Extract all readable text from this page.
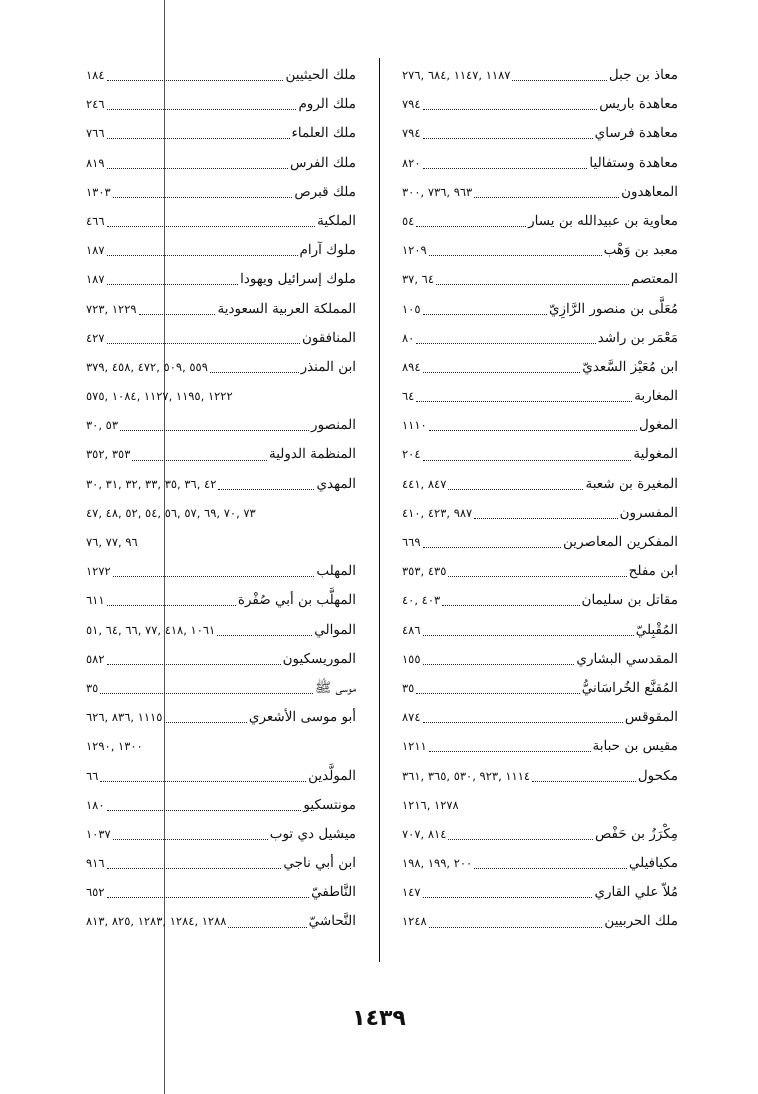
معاذ بن جبل
١١٨٧ ,١١٤٧ ,٦٨٤ ,٢٧٦
معاهدة باريس
٧٩٤
معاهدة فرساي
٧٩٤
معاهدة وستفاليا
٨٢٠
المعاهدون
٩٦٣ ,٧٣٦ ,٣٠٠
معاوية بن عبيدالله بن يسار
٥٤
معبد بن وَهْب
١٢٠٩
المعتصم
٦٤ ,٣٧
مُعَلَّى بن منصور الرَّازِيّ
١٠٥
مَعْمَر بن راشد
٨٠
ابن مُعَيْز السَّعديّ
٨٩٤
المغاربة
٦٤
المغول
١١١٠
المغولية
٢٠٤
المغيرة بن شعبة
٨٤٧ ,٤٤١
المفسرون
٩٨٧ ,٤٢٣ ,٤١٠
المفكرين المعاصرين
٦٦٩
ابن مفلح
٤٣٥ ,٣٥٣
مقاتل بن سليمان
٤٠٣ ,٤٠
المُقْبِليّ
٤٨٦
المقدسي البشاري
١٥٥
المُقنَّع الخُراسَانيُّ
٣٥
المقوقس
٨٧٤
مقيس بن حبابة
١٢١١
مكحول
١١١٤ ,٩٢٣ ,٥٣٠ ,٣٦٥ ,٣٦١
١٢٧٨ ,١٢١٦
مِكْرَزُ بن حَفْص
٨١٤ ,٧٠٧
مكيافيلي
٢٠٠ ,١٩٩ ,١٩٨
مُلاّ علي القاري
١٤٧
ملك الحربيين
١٢٤٨
ملك الحيثيين
١٨٤
ملك الروم
٢٤٦
ملك العلماء
٧٦٦
ملك الفرس
٨١٩
ملك قبرص
١٣٠٣
الملكية
٤٦٦
ملوك آرام
١٨٧
ملوك إسرائيل ويهودا
١٨٧
المملكة العربية السعودية
١٢٢٩ ,٧٢٣
المنافقون
٤٢٧
ابن المنذر
٥٥٩ ,٥٠٩ ,٤٧٢ ,٤٥٨ ,٣٧٩
١٢٢٢ ,١١٩٥ ,١١٢٧ ,١٠٨٤ ,٥٧٥
المنصور
٥٣ ,٣٠
المنظمة الدولية
٣٥٣ ,٣٥٢
المهدي
٤٢ ,٣٦ ,٣٥ ,٣٣ ,٣٢ ,٣١ ,٣٠
٧٣ ,٧٠ ,٦٩ ,٥٧ ,٥٦ ,٥٤ ,٥٢ ,٤٨ ,٤٧
٩٦ ,٧٧ ,٧٦
المهلب
١٢٧٢
المهلَّب بن أبي صُفْرة
٦١١
الموالي
١٠٦١ ,٤١٨ ,٧٧ ,٦٦ ,٦٤ ,٥١
الموريسكيون
٥٨٢
موسى ﷺ
٣٥
أبو موسى الأشعري
١١١٥ ,٨٣٦ ,٦٢٦
١٣٠٠ ,١٢٩٠
المولَّدين
٦٦
مونتسكيو
١٨٠
ميشيل دي توب
١٠٣٧
ابن أبي ناجي
٩١٦
النَّاطفيّ
٦٥٢
النَّحاشيّ
١٢٨٨ ,١٢٨٤ ,١٢٨٣ ,٨٢٥ ,٨١٣
١٤٣٩
